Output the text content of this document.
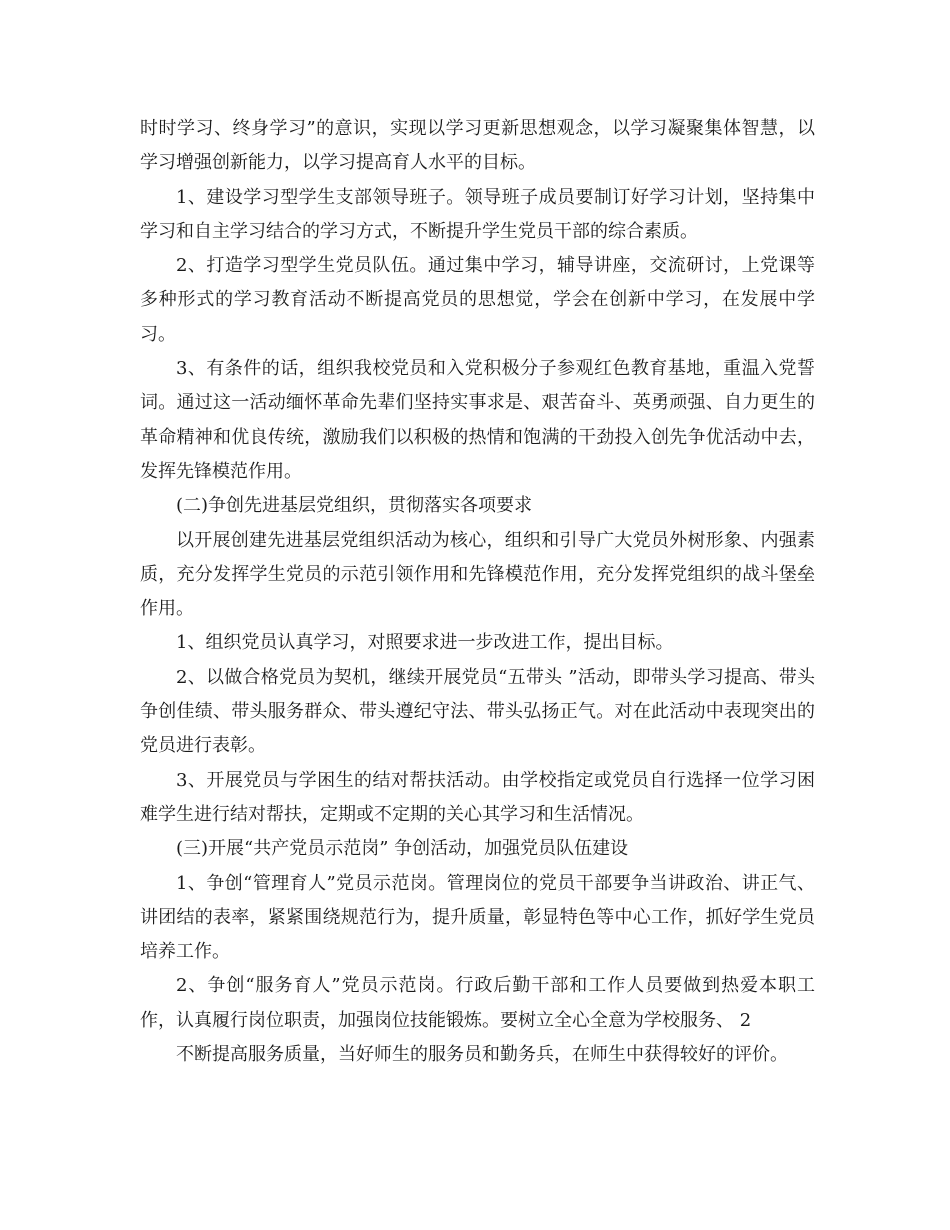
时时学习、终身学习”的意识，实现以学习更新思想观念，以学习凝聚集体智慧，以学习增强创新能力，以学习提高育人水平的目标。

1、建设学习型学生支部领导班子。领导班子成员要制订好学习计划，坚持集中学习和自主学习结合的学习方式，不断提升学生党员干部的综合素质。

2、打造学习型学生党员队伍。通过集中学习，辅导讲座，交流研讨，上党课等多种形式的学习教育活动不断提高党员的思想觉，学会在创新中学习，在发展中学习。

3、有条件的话，组织我校党员和入党积极分子参观红色教育基地，重温入党誓词。通过这一活动缅怀革命先辈们坚持实事求是、艰苦奋斗、英勇顽强、自力更生的革命精神和优良传统，激励我们以积极的热情和饱满的干劲投入创先争优活动中去，发挥先锋模范作用。

(二)争创先进基层党组织，贯彻落实各项要求

以开展创建先进基层党组织活动为核心，组织和引导广大党员外树形象、内强素质，充分发挥学生党员的示范引领作用和先锋模范作用，充分发挥党组织的战斗堡垒作用。

1、组织党员认真学习，对照要求进一步改进工作，提出目标。

2、以做合格党员为契机，继续开展党员“五带头 ”活动，即带头学习提高、带头争创佳绩、带头服务群众、带头遵纪守法、带头弘扬正气。对在此活动中表现突出的党员进行表彰。

3、开展党员与学困生的结对帮扶活动。由学校指定或党员自行选择一位学习困难学生进行结对帮扶，定期或不定期的关心其学习和生活情况。

(三)开展“共产党员示范岗” 争创活动，加强党员队伍建设

1、争创“管理育人”党员示范岗。管理岗位的党员干部要争当讲政治、讲正气、讲团结的表率，紧紧围绕规范行为，提升质量，彰显特色等中心工作，抓好学生党员培养工作。

2、争创“服务育人”党员示范岗。行政后勤干部和工作人员要做到热爱本职工作，认真履行岗位职责，加强岗位技能锻炼。要树立全心全意为学校服务、 2

不断提高服务质量，当好师生的服务员和勤务兵，在师生中获得较好的评价。
